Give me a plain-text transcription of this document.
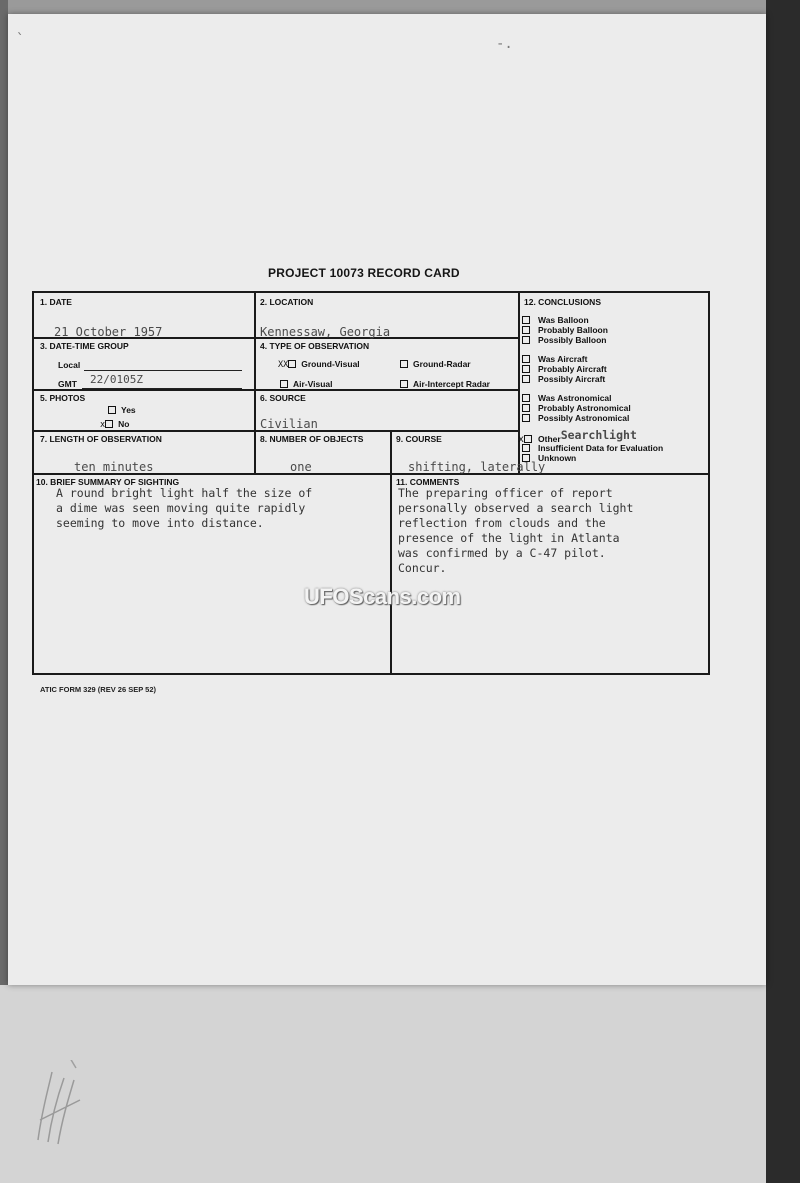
`	-.
PROJECT 10073 RECORD CARD
1. DATE
21 October 1957
2. LOCATION
Kennessaw, Georgia
3. DATE-TIME GROUP
Local
GMT 22/0105Z
4. TYPE OF OBSERVATION
XX Ground-Visual	Ground-Radar
Air-Visual	Air-Intercept Radar
5. PHOTOS
Yes
x No
6. SOURCE
Civilian
7. LENGTH OF OBSERVATION
ten minutes
8. NUMBER OF OBJECTS
one
9. COURSE
shifting, laterally
10. BRIEF SUMMARY OF SIGHTING
A round bright light half the size of
a dime was seen moving quite rapidly
seeming to move into distance.
11. COMMENTS
The preparing officer of report
personally observed a search light
reflection from clouds and the
presence of the light in Atlanta
was confirmed by a C-47 pilot.
Concur.
12. CONCLUSIONS
Was Balloon
Probably Balloon
Possibly Balloon
Was Aircraft
Probably Aircraft
Possibly Aircraft
Was Astronomical
Probably Astronomical
Possibly Astronomical
x OtherSearchlight
Insufficient Data for Evaluation
Unknown
UFOScans.com
ATIC FORM 329 (REV 26 SEP 52)
